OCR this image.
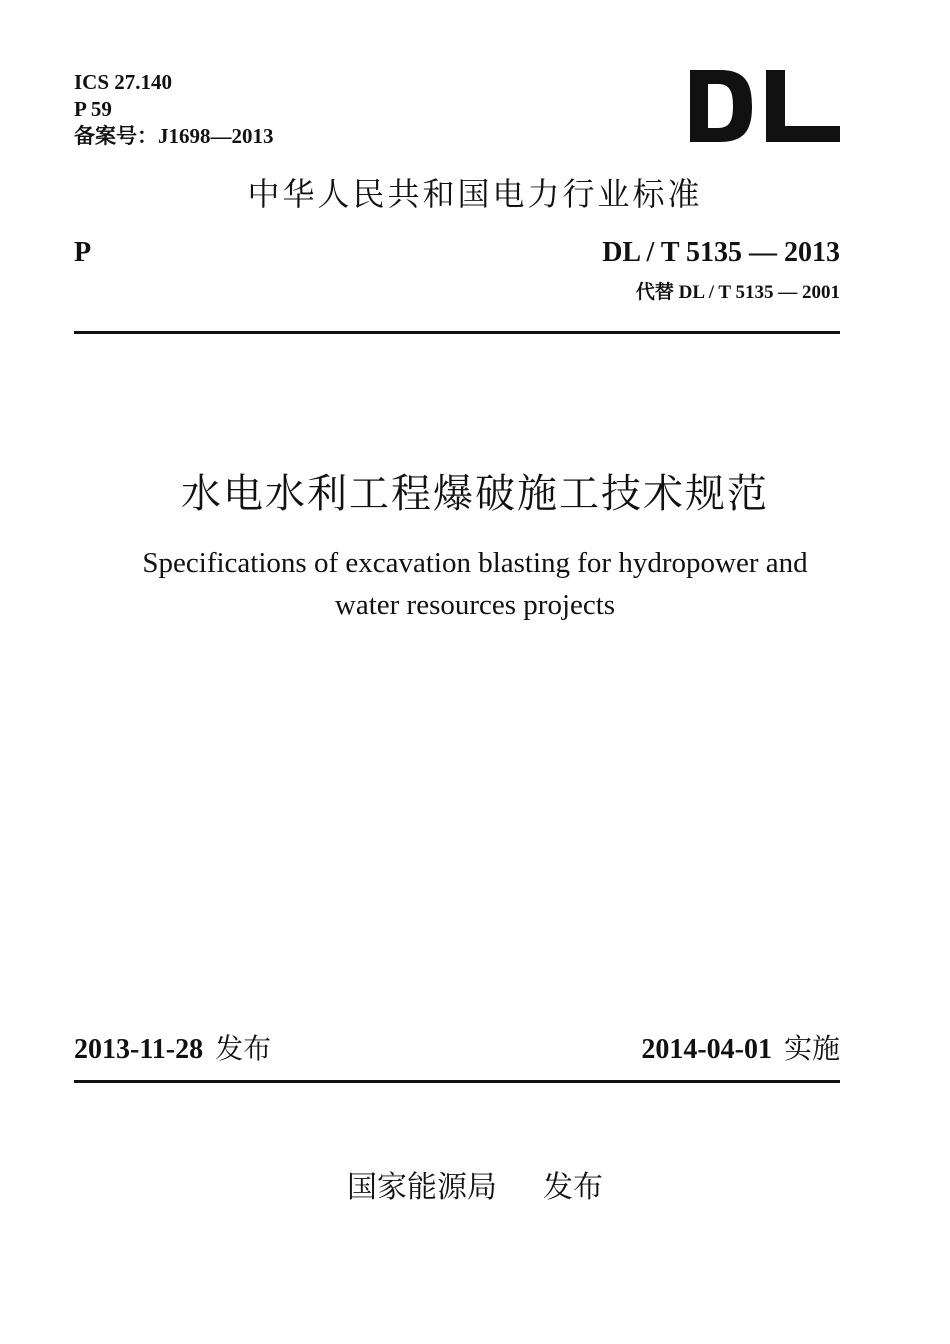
ICS 27.140
P 59
备案号：J1698—2013
中华人民共和国电力行业标准
P	DL / T 5135 — 2013
代替 DL / T 5135 — 2001
水电水利工程爆破施工技术规范
Specifications of excavation blasting for hydropower and
water resources projects
2013-11-28 发布	2014-04-01 实施
国家能源局 发布
